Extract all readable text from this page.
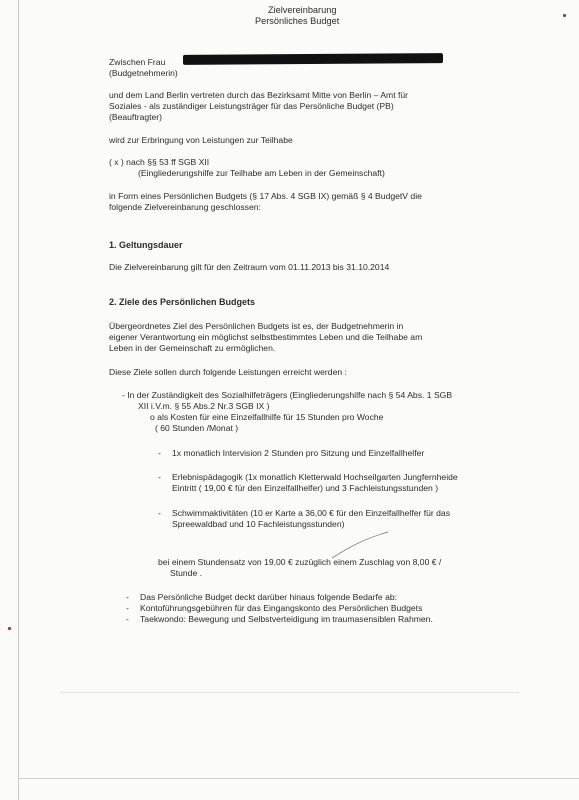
Zielvereinbarung
Persönliches Budget
Zwischen Frau
(Budgetnehmerin)
und dem Land Berlin vertreten durch das Bezirksamt Mitte von Berlin – Amt für
Soziales - als zuständiger Leistungsträger für das Persönliche Budget (PB)
(Beauftragter)
wird zur Erbringung von Leistungen zur Teilhabe
( x ) nach §§ 53 ff SGB XII
(Eingliederungshilfe zur Teilhabe am Leben in der Gemeinschaft)
in Form eines Persönlichen Budgets (§ 17 Abs. 4 SGB IX) gemäß § 4 BudgetV die
folgende Zielvereinbarung geschlossen:
1. Geltungsdauer
Die Zielvereinbarung gilt für den Zeitraum vom 01.11.2013 bis 31.10.2014
2. Ziele des Persönlichen Budgets
Übergeordnetes Ziel des Persönlichen Budgets ist es, der Budgetnehmerin in
eigener Verantwortung ein möglichst selbstbestimmtes Leben und die Teilhabe am
Leben in der Gemeinschaft zu ermöglichen.
Diese Ziele sollen durch folgende Leistungen erreicht werden :
- In der Zuständigkeit des Sozialhilfeträgers (Eingliederungshilfe nach § 54 Abs. 1 SGB
XII i.V.m. § 55 Abs.2 Nr.3 SGB IX )
o als Kosten für eine Einzelfallhilfe für 15 Stunden pro Woche
( 60 Stunden /Monat )
- 1x monatlich Intervision 2 Stunden pro Sitzung und Einzelfallhelfer
- Erlebnispädagogik (1x monatlich Kletterwald Hochseilgarten Jungfernheide
Eintritt ( 19,00 € für den Einzelfallhelfer) und 3 Fachleistungsstunden )
- Schwimmaktivitäten (10 er Karte a 36,00 € für den Einzelfallhelfer für das
Spreewaldbad und 10 Fachleistungsstunden)
bei einem Stundensatz von 19,00 € zuzüglich einem Zuschlag von 8,00 € /
Stunde .
- Das Persönliche Budget deckt darüber hinaus folgende Bedarfe ab:
- Kontoführungsgebühren für das Eingangskonto des Persönlichen Budgets
- Taekwondo: Bewegung und Selbstverteidigung im traumasensiblen Rahmen.
